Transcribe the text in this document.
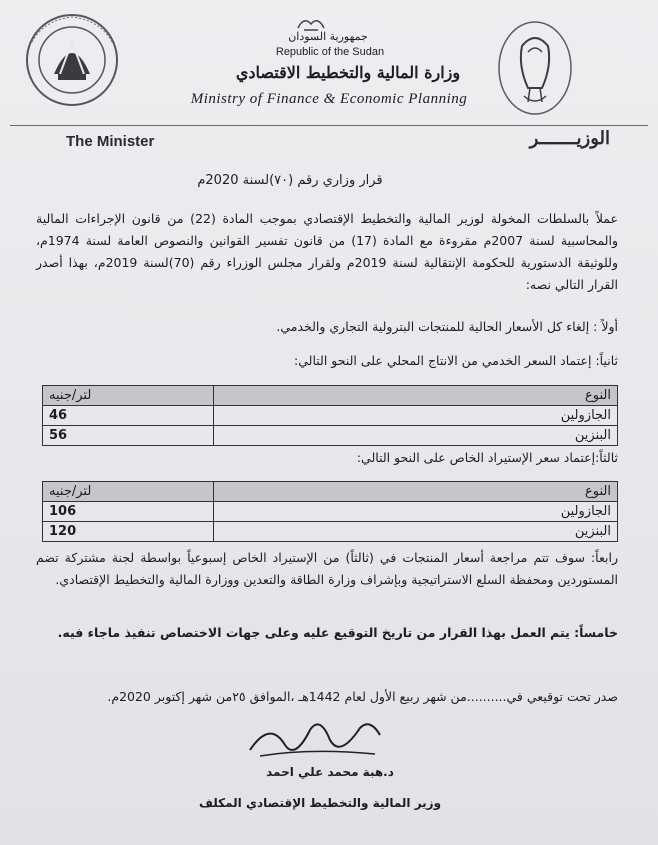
جمهورية السودان
Republic of the Sudan
وزارة المالية والتخطيط الاقتصادي
Ministry of Finance & Economic Planning
The Minister	الوزيـــــــر
قرار وزاري رقم (٧٠)لسنة 2020م
عملاً بالسلطات المخولة لوزير المالية والتخطيط الإقتصادي بموجب المادة (22) من قانون الإجراءات المالية والمحاسبية لسنة 2007م مقروءة مع المادة (17) من قانون تفسير القوانين والنصوص العامة لسنة 1974م، وللوثيقة الدستورية للحكومة الإنتقالية لسنة 2019م ولقرار مجلس الوزراء رقم (70)لسنة 2019م، بهذا أصدر القرار التالي نصه:
أولاً : إلغاء كل الأسعار الحالية للمنتجات البترولية التجاري والخدمي.
ثانياً: إعتماد السعر الخدمي من الانتاج المحلي على النحو التالي:
النوع	لتر/جنيه
الجازولين	46
البنزين	56
ثالثاً:إعتماد سعر الإستيراد الخاص على النحو التالي:
النوع	لتر/جنيه
الجازولين	106
البنزين	120
رابعاً: سوف تتم مراجعة أسعار المنتجات في (ثالثاً) من الإستيراد الخاص إسبوعياً بواسطة لجنة مشتركة تضم المستوردين ومحفظة السلع الاستراتيجية وبإشراف وزارة الطاقة والتعدين ووزارة المالية والتخطيط الإقتصادي.
خامساً: يتم العمل بهذا القرار من تاريخ التوقيع عليه وعلى جهات الاختصاص تنفيذ ماجاء فيه.
صدر تحت توقيعي في..........من شهر ربيع الأول لعام 1442هـ ،الموافق ٢٥من شهر إكتوبر 2020م.
د.هبة محمد علي احمد
وزير المالية والتخطيط الإقتصادي المكلف
